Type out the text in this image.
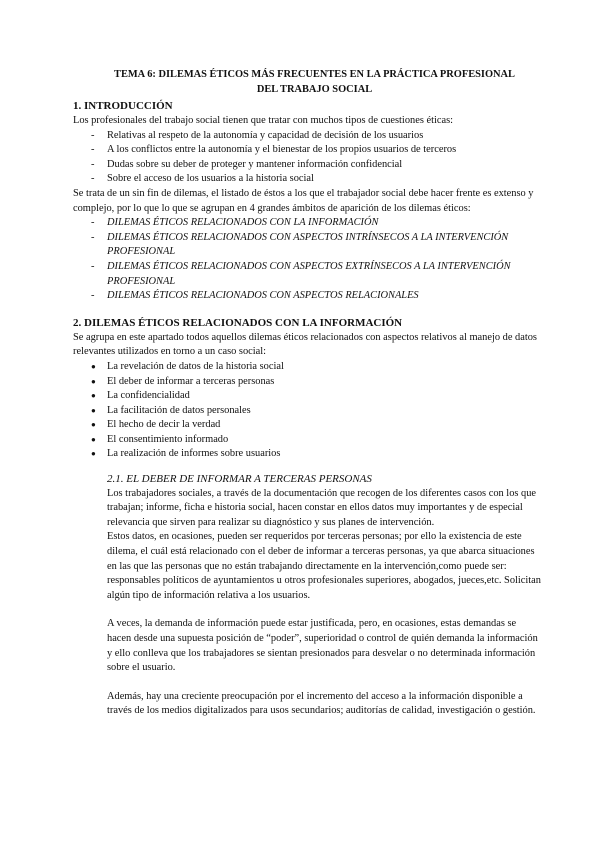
TEMA 6: DILEMAS ÉTICOS MÁS FRECUENTES EN LA PRÁCTICA PROFESIONAL
DEL TRABAJO SOCIAL
1. INTRODUCCIÓN

Los profesionales del trabajo social tienen que tratar con muchos tipos de cuestiones éticas:

- Relativas al respeto de la autonomía y capacidad de decisión de los usuarios
- A los conflictos entre la autonomía y el bienestar de los propios usuarios de terceros
- Dudas sobre su deber de proteger y mantener información confidencial
- Sobre el acceso de los usuarios a la historia social

Se trata de un sin fin de dilemas, el listado de éstos a los que el trabajador social debe hacer frente es extenso y complejo, por lo que lo que se agrupan en 4 grandes ámbitos de aparición de los dilemas éticos:

- DILEMAS ÉTICOS RELACIONADOS CON LA INFORMACIÓN
- DILEMAS ÉTICOS RELACIONADOS CON ASPECTOS INTRÍNSECOS A LA INTERVENCIÓN PROFESIONAL
- DILEMAS ÉTICOS RELACIONADOS CON ASPECTOS EXTRÍNSECOS A LA INTERVENCIÓN PROFESIONAL
- DILEMAS ÉTICOS RELACIONADOS CON ASPECTOS RELACIONALES
2. DILEMAS ÉTICOS RELACIONADOS CON LA INFORMACIÓN

Se agrupa en este apartado todos aquellos dilemas éticos relacionados con aspectos relativos al manejo de datos relevantes utilizados en torno a un caso social:

● La revelación de datos de la historia social
● El deber de informar a terceras personas
● La confidencialidad
● La facilitación de datos personales
● El hecho de decir la verdad
● El consentimiento informado
● La realización de informes sobre usuarios

2.1. EL DEBER DE INFORMAR A TERCERAS PERSONAS

Los trabajadores sociales, a través de la documentación que recogen de los diferentes casos con los que trabajan; informe, ficha e historia social, hacen constar en ellos datos muy importantes y de especial relevancia que sirven para realizar su diagnóstico y sus planes de intervención.

Estos datos, en ocasiones, pueden ser requeridos por terceras personas; por ello la existencia de este dilema, el cuál está relacionado con el deber de informar a terceras personas, ya que abarca situaciones en las que las personas que no están trabajando directamente en la intervención,como puede ser: responsables políticos de ayuntamientos u otros profesionales superiores, abogados, jueces,etc. Solicitan algún tipo de información relativa a los usuarios.

A veces, la demanda de información puede estar justificada, pero, en ocasiones, estas demandas se hacen desde una supuesta posición de “poder”, superioridad o control de quién demanda la información y ello conlleva que los trabajadores se sientan presionados para desvelar o no determinada información sobre el usuario.

Además, hay una creciente preocupación por el incremento del acceso a la información disponible a través de los medios digitalizados para usos secundarios; auditorías de calidad, investigación o gestión.
